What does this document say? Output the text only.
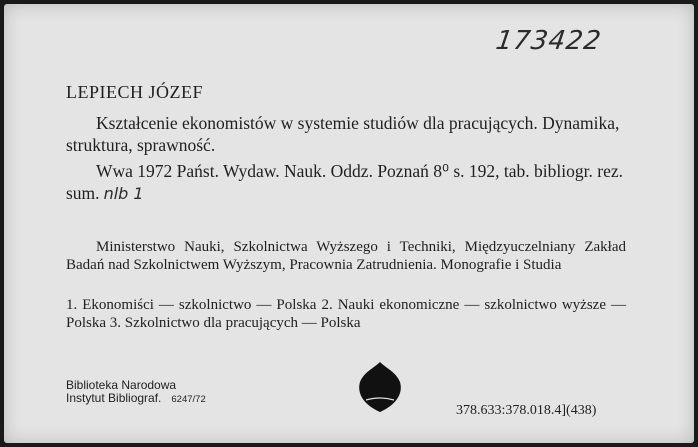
173422
LEPIECH JÓZEF

Kształcenie ekonomistów w systemie studiów dla pracujących. Dynamika, struktura, sprawność.

Wwa 1972 Państ. Wydaw. Nauk. Oddz. Poznań 8⁰ s. 192, tab. bibliogr. rez. sum. nlb 1

Ministerstwo Nauki, Szkolnictwa Wyższego i Techniki, Międzyuczelniany Zakład Badań nad Szkolnictwem Wyższym, Pracownia Zatrudnienia. Monografie i Studia

1. Ekonomiści — szkolnictwo — Polska 2. Nauki ekonomiczne — szkolnictwo wyższe — Polska 3. Szkolnictwo dla pracujących — Polska

Biblioteka Narodowa
Instytut Bibliograf. 6247/72
378.633:378.018.4](438)
